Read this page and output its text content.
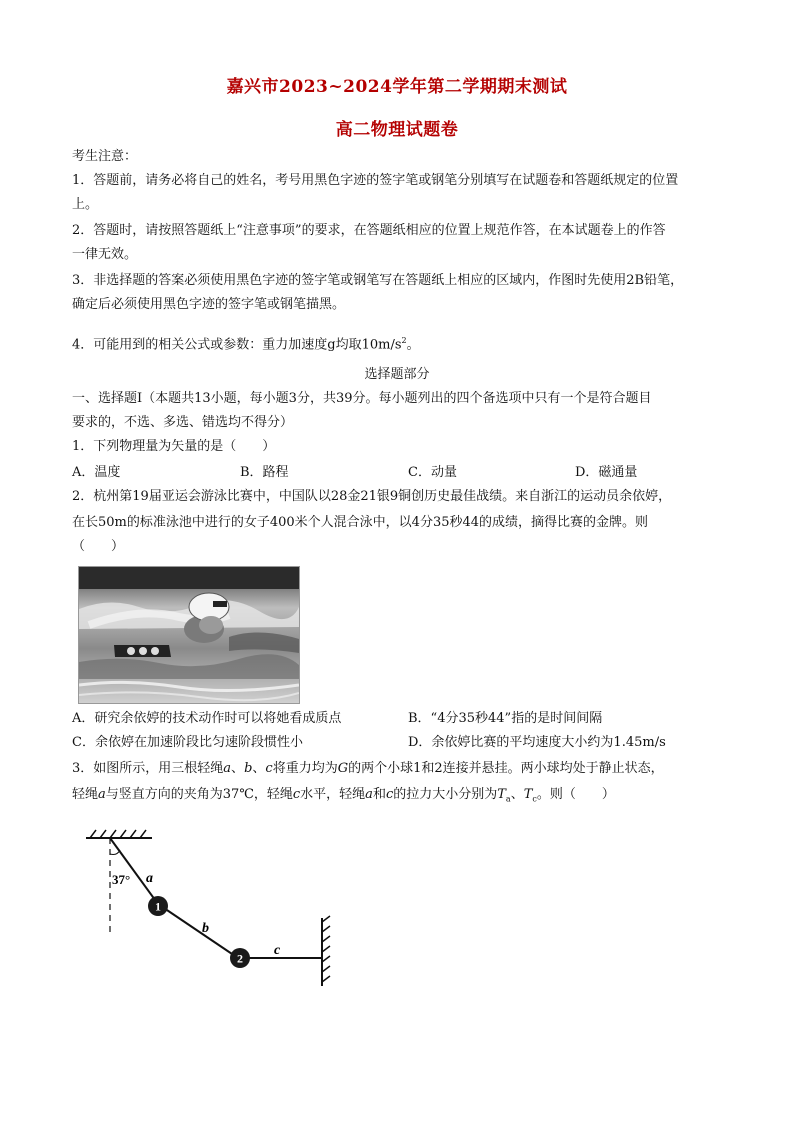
嘉兴市2023~2024学年第二学期期末测试
高二物理试题卷
考生注意：
1．答题前，请务必将自己的姓名，考号用黑色字迹的签字笔或钢笔分别填写在试题卷和答题纸规定的位置
上。
2．答题时，请按照答题纸上“注意事项”的要求，在答题纸相应的位置上规范作答，在本试题卷上的作答
一律无效。
3．非选择题的答案必须使用黑色字迹的签字笔或钢笔写在答题纸上相应的区域内，作图时先使用2B铅笔，
确定后必须使用黑色字迹的签字笔或钢笔描黑。
4．可能用到的相关公式或参数：重力加速度g均取$10m/s^2$。
选择题部分
一、选择题Ⅰ（本题共13小题，每小题3分，共39分。每小题列出的四个备选项中只有一个是符合题目
要求的，不选、多选、错选均不得分）
1．下列物理量为矢量的是（　　）
A．温度	B．路程	C．动量	D．磁通量
2．杭州第19届亚运会游泳比赛中，中国队以28金21银9铜创历史最佳战绩。来自浙江的运动员余依婷，
在长50m的标准泳池中进行的女子400米个人混合泳中，以4分35秒44的成绩，摘得比赛的金牌。则
（　　）
A．研究余依婷的技术动作时可以将她看成质点	B．“4分35秒44”指的是时间间隔
C．余依婷在加速阶段比匀速阶段惯性小	D．余依婷比赛的平均速度大小约为1.45m/s
3．如图所示，用三根轻绳a、b、c将重力均为G的两个小球1和2连接并悬挂。两小球均处于静止状态，
轻绳a与竖直方向的夹角为37℃，轻绳c水平，轻绳a和c的拉力大小分别为$T_a$、$T_c$。则（　　）
1
2
37° a
b
c
